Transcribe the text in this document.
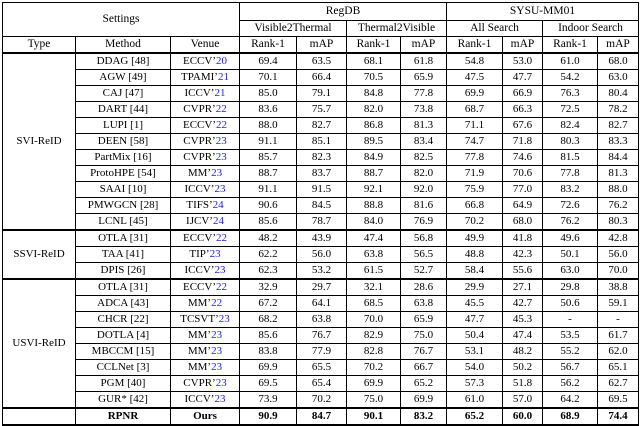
Settings			RegDB				SYSU-MM01			
			Visible2Thermal		Thermal2Visible		All Search		Indoor Search	
Type	Method	Venue	Rank-1	mAP	Rank-1	mAP	Rank-1	mAP	Rank-1	mAP
SVI-ReID	DDAG [48]	ECCV’20	69.4	63.5	68.1	61.8	54.8	53.0	61.0	68.0
	AGW [49]	TPAMI’21	70.1	66.4	70.5	65.9	47.5	47.7	54.2	63.0
	CAJ [47]	ICCV’21	85.0	79.1	84.8	77.8	69.9	66.9	76.3	80.4
	DART [44]	CVPR’22	83.6	75.7	82.0	73.8	68.7	66.3	72.5	78.2
	LUPI [1]	ECCV’22	88.0	82.7	86.8	81.3	71.1	67.6	82.4	82.7
	DEEN [58]	CVPR’23	91.1	85.1	89.5	83.4	74.7	71.8	80.3	83.3
	PartMix [16]	CVPR’23	85.7	82.3	84.9	82.5	77.8	74.6	81.5	84.4
	ProtoHPE [54]	MM’23	88.7	83.7	88.7	82.0	71.9	70.6	77.8	81.3
	SAAI [10]	ICCV’23	91.1	91.5	92.1	92.0	75.9	77.0	83.2	88.0
	PMWGCN [28]	TIFS’24	90.6	84.5	88.8	81.6	66.8	64.9	72.6	76.2
	LCNL [45]	IJCV’24	85.6	78.7	84.0	76.9	70.2	68.0	76.2	80.3
SSVI-ReID	OTLA [31]	ECCV’22	48.2	43.9	47.4	56.8	49.9	41.8	49.6	42.8
	TAA [41]	TIP’23	62.2	56.0	63.8	56.5	48.8	42.3	50.1	56.0
	DPIS [26]	ICCV’23	62.3	53.2	61.5	52.7	58.4	55.6	63.0	70.0
USVI-ReID	OTLA [31]	ECCV’22	32.9	29.7	32.1	28.6	29.9	27.1	29.8	38.8
	ADCA [43]	MM’22	67.2	64.1	68.5	63.8	45.5	42.7	50.6	59.1
	CHCR [22]	TCSVT’23	68.2	63.8	70.0	65.9	47.7	45.3	-	-
	DOTLA [4]	MM’23	85.6	76.7	82.9	75.0	50.4	47.4	53.5	61.7
	MBCCM [15]	MM’23	83.8	77.9	82.8	76.7	53.1	48.2	55.2	62.0
	CCLNet [3]	MM’23	69.9	65.5	70.2	66.7	54.0	50.2	56.7	65.1
	PGM [40]	CVPR’23	69.5	65.4	69.9	65.2	57.3	51.8	56.2	62.7
	GUR* [42]	ICCV’23	73.9	70.2	75.0	69.9	61.0	57.0	64.2	69.5
	RPNR	Ours	90.9	84.7	90.1	83.2	65.2	60.0	68.9	74.4
